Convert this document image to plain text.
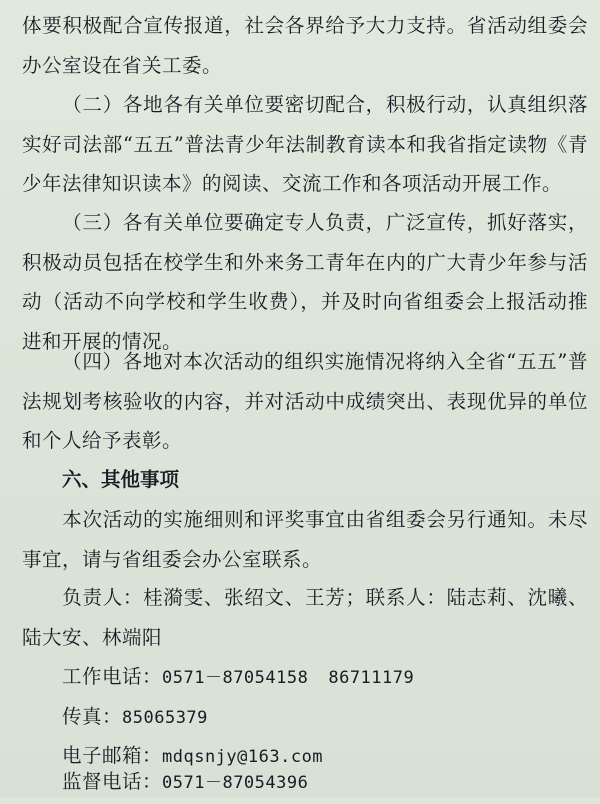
体要积极配合宣传报道，社会各界给予大力支持。省活动组委会办公室设在省关工委。

（二）各地各有关单位要密切配合，积极行动，认真组织落实好司法部“五五”普法青少年法制教育读本和我省指定读物《青少年法律知识读本》的阅读、交流工作和各项活动开展工作。

（三）各有关单位要确定专人负责，广泛宣传，抓好落实，积极动员包括在校学生和外来务工青年在内的广大青少年参与活动（活动不向学校和学生收费），并及时向省组委会上报活动推进和开展的情况。

（四）各地对本次活动的组织实施情况将纳入全省“五五”普法规划考核验收的内容，并对活动中成绩突出、表现优异的单位和个人给予表彰。

六、其他事项

本次活动的实施细则和评奖事宜由省组委会另行通知。未尽事宜，请与省组委会办公室联系。

负责人：桂漪雯、张绍文、王芳；联系人：陆志莉、沈曦、陆大安、林端阳

工作电话：0571－87054158 86711179
传真：85065379
电子邮箱：mdqsnjy@163.com
监督电话：0571－87054396
